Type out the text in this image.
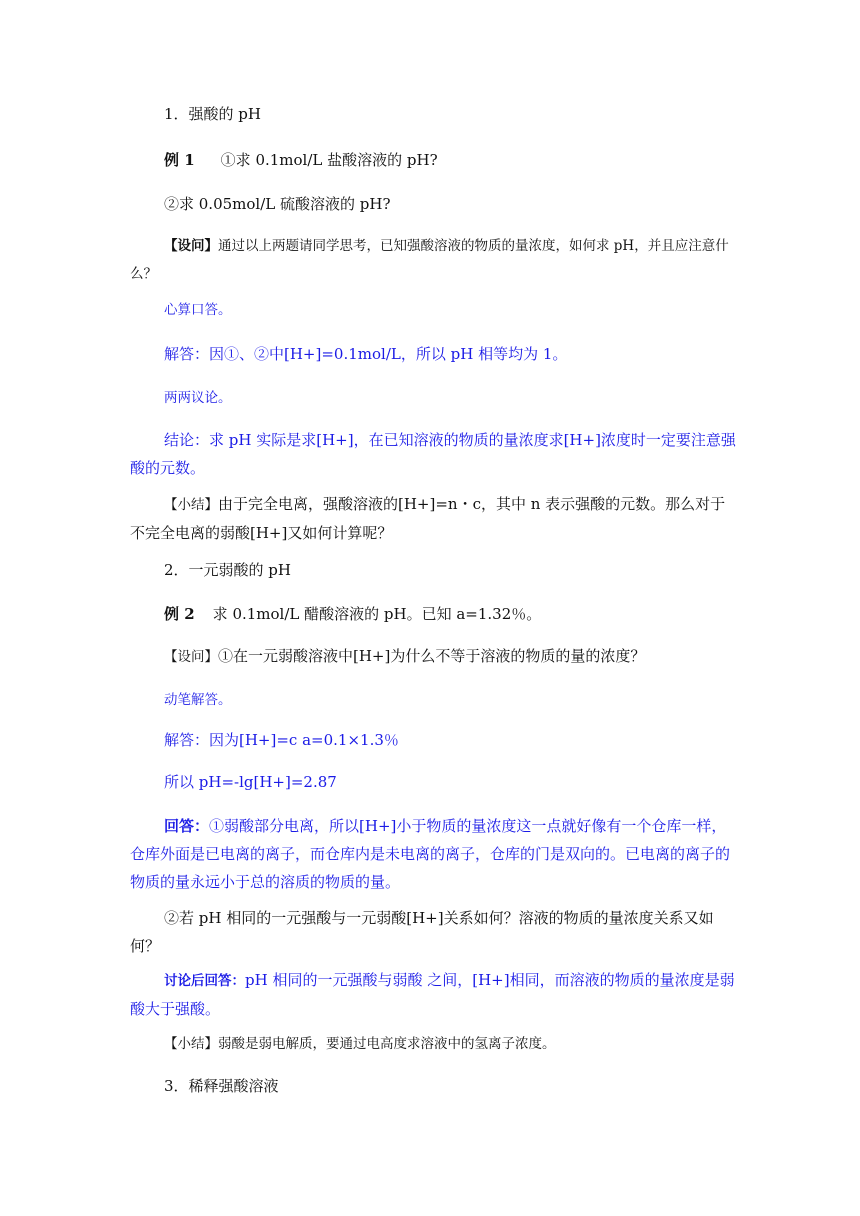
1．强酸的 pH

例 1 ①求 0.1mol/L 盐酸溶液的 pH?

②求 0.05mol/L 硫酸溶液的 pH?

【设问】通过以上两题请同学思考，已知强酸溶液的物质的量浓度，如何求 pH，并且应注意什么？

心算口答。

解答：因①、②中[H+]=0.1mol/L，所以 pH 相等均为 1。

两两议论。

结论：求 pH 实际是求[H+]，在已知溶液的物质的量浓度求[H+]浓度时一定要注意强酸的元数。

【小结】由于完全电离，强酸溶液的[H+]=n・c，其中 n 表示强酸的元数。那么对于不完全电离的弱酸[H+]又如何计算呢？

2．一元弱酸的 pH

例 2 求 0.1mol/L 醋酸溶液的 pH。已知 a=1.32％。

【设问】①在一元弱酸溶液中[H+]为什么不等于溶液的物质的量的浓度？

动笔解答。

解答：因为[H+]=c a=0.1×1.3％

所以 pH=-lg[H+]=2.87

回答：①弱酸部分电离，所以[H+]小于物质的量浓度这一点就好像有一个仓库一样，仓库外面是已电离的离子，而仓库内是未电离的离子，仓库的门是双向的。已电离的离子的物质的量永远小于总的溶质的物质的量。

②若 pH 相同的一元强酸与一元弱酸[H+]关系如何？溶液的物质的量浓度关系又如何？

讨论后回答：pH 相同的一元强酸与弱酸 之间，[H+]相同，而溶液的物质的量浓度是弱酸大于强酸。

【小结】弱酸是弱电解质，要通过电高度求溶液中的氢离子浓度。

3．稀释强酸溶液
